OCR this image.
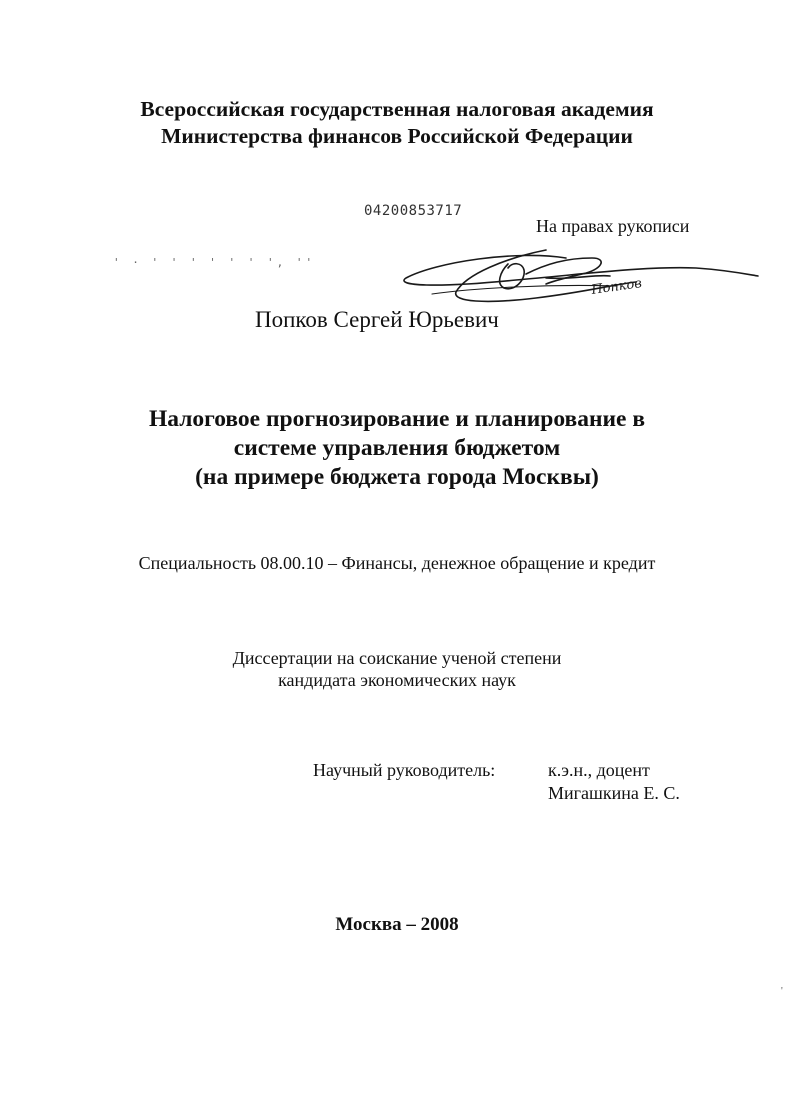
Всероссийская государственная налоговая академия
Министерства финансов Российской Федерации
04200853717
На правах рукописи
' · ' ' ' ' ' ' ', ''
Попков
Попков Сергей Юрьевич
Налоговое прогнозирование и планирование в
системе управления бюджетом
(на примере бюджета города Москвы)
Специальность 08.00.10 – Финансы, денежное обращение и кредит
Диссертации на соискание ученой степени
кандидата экономических наук
Научный руководитель:	к.э.н., доцент
Мигашкина Е. С.
Москва – 2008
'
